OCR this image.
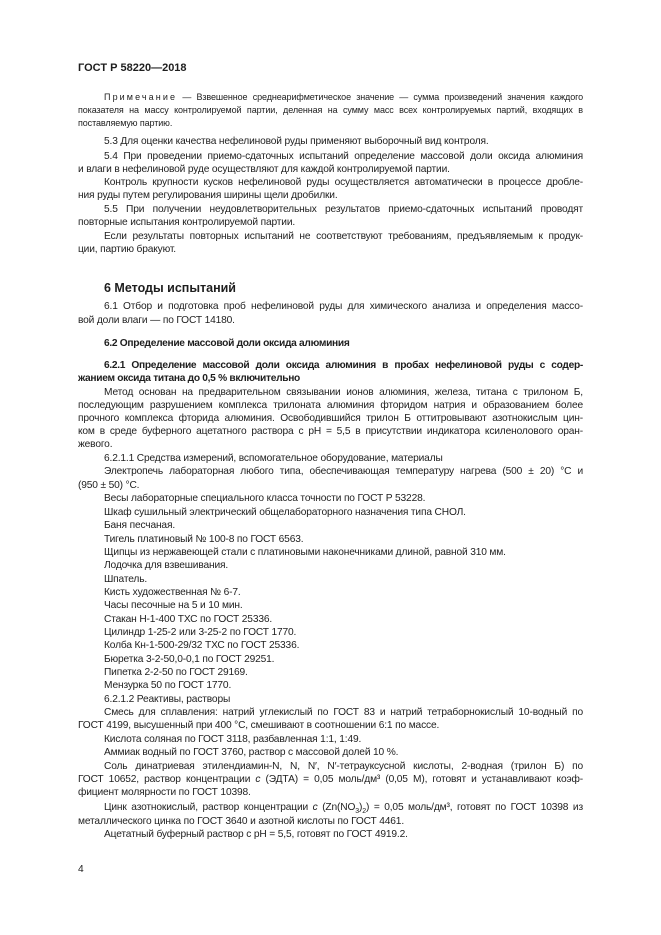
ГОСТ Р 58220—2018
Примечание — Взвешенное среднеарифметическое значение — сумма произведений значения каждого
показателя на массу контролируемой партии, деленная на сумму масс всех контролируемых партий, входящих в
поставляемую партию.
5.3 Для оценки качества нефелиновой руды применяют выборочный вид контроля.
5.4 При проведении приемо-сдаточных испытаний определение массовой доли оксида алюминия
и влаги в нефелиновой руде осуществляют для каждой контролируемой партии.
Контроль крупности кусков нефелиновой руды осуществляется автоматически в процессе дробле-
ния руды путем регулирования ширины щели дробилки.
5.5 При получении неудовлетворительных результатов приемо-сдаточных испытаний проводят
повторные испытания контролируемой партии.
Если результаты повторных испытаний не соответствуют требованиям, предъявляемым к продук-
ции, партию бракуют.
6 Методы испытаний
6.1 Отбор и подготовка проб нефелиновой руды для химического анализа и определения массо-
вой доли влаги — по ГОСТ 14180.
6.2 Определение массовой доли оксида алюминия
6.2.1 Определение массовой доли оксида алюминия в пробах нефелиновой руды с содер-
жанием оксида титана до 0,5 % включительно
Метод основан на предварительном связывании ионов алюминия, железа, титана с трилоном Б,
последующим разрушением комплекса трилоната алюминия фторидом натрия и образованием более
прочного комплекса фторида алюминия. Освободившийся трилон Б оттитровывают азотнокислым цин-
ком в среде буферного ацетатного раствора с pH = 5,5 в присутствии индикатора ксиленолового оран-
жевого.
6.2.1.1 Средства измерений, вспомогательное оборудование, материалы
Электропечь лабораторная любого типа, обеспечивающая температуру нагрева (500 ± 20) °С и
(950 ± 50) °С.
Весы лабораторные специального класса точности по ГОСТ Р 53228.
Шкаф сушильный электрический общелабораторного назначения типа СНОЛ.
Баня песчаная.
Тигель платиновый № 100-8 по ГОСТ 6563.
Щипцы из нержавеющей стали с платиновыми наконечниками длиной, равной 310 мм.
Лодочка для взвешивания.
Шпатель.
Кисть художественная № 6-7.
Часы песочные на 5 и 10 мин.
Стакан Н-1-400 ТХС по ГОСТ 25336.
Цилиндр 1-25-2 или 3-25-2 по ГОСТ 1770.
Колба Кн-1-500-29/32 ТХС по ГОСТ 25336.
Бюретка 3-2-50,0-0,1 по ГОСТ 29251.
Пипетка 2-2-50 по ГОСТ 29169.
Мензурка 50 по ГОСТ 1770.
6.2.1.2 Реактивы, растворы
Смесь для сплавления: натрий углекислый по ГОСТ 83 и натрий тетраборнокислый 10-водный по
ГОСТ 4199, высушенный при 400 °С, смешивают в соотношении 6:1 по массе.
Кислота соляная по ГОСТ 3118, разбавленная 1:1, 1:49.
Аммиак водный по ГОСТ 3760, раствор с массовой долей 10 %.
Соль динатриевая этилендиамин-N, N, N′, N′-тетрауксусной кислоты, 2-водная (трилон Б) по
ГОСТ 10652, раствор концентрации c (ЭДТА) = 0,05 моль/дм³ (0,05 М), готовят и устанавливают коэф-
фициент молярности по ГОСТ 10398.
Цинк азотнокислый, раствор концентрации c $(Zn(NO_3)_2) = 0,05$ моль/дм³, готовят по ГОСТ 10398 из
металлического цинка по ГОСТ 3640 и азотной кислоты по ГОСТ 4461.
Ацетатный буферный раствор с pH = 5,5, готовят по ГОСТ 4919.2.
4
